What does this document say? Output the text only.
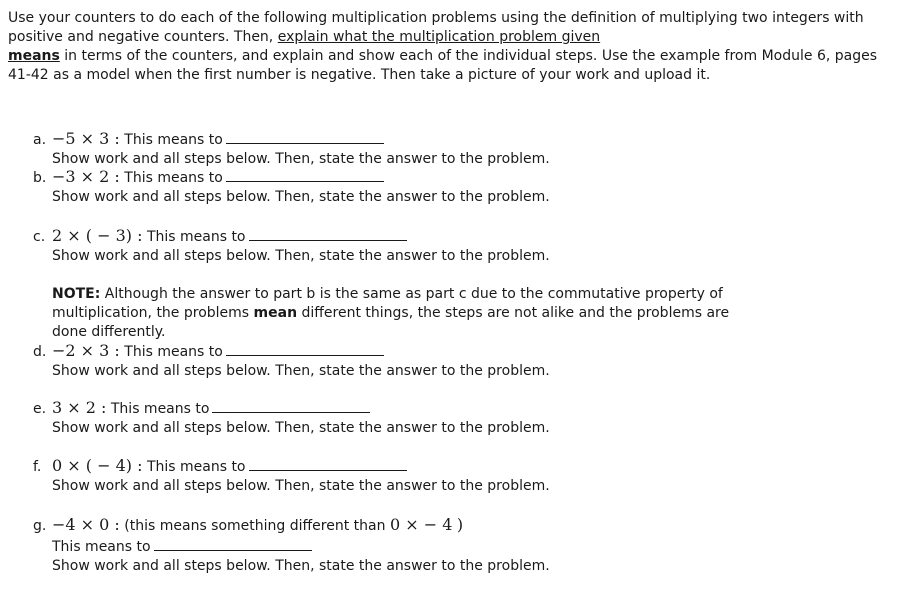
Use your counters to do each of the following multiplication problems using the definition of multiplying two integers with positive and negative counters. Then, explain what the multiplication problem given
means in terms of the counters, and explain and show each of the individual steps. Use the example from Module 6, pages 41-42 as a model when the first number is negative. Then take a picture of your work and upload it.

a. −5 × 3 : This means to
Show work and all steps below. Then, state the answer to the problem.
b. −3 × 2 : This means to
Show work and all steps below. Then, state the answer to the problem.
c. 2 × ( − 3) : This means to
Show work and all steps below. Then, state the answer to the problem.

NOTE: Although the answer to part b is the same as part c due to the commutative property of multiplication, the problems mean different things, the steps are not alike and the problems are done differently.

d. −2 × 3 : This means to
Show work and all steps below. Then, state the answer to the problem.
e. 3 × 2 : This means to
Show work and all steps below. Then, state the answer to the problem.
f. 0 × ( − 4) : This means to
Show work and all steps below. Then, state the answer to the problem.
g. −4 × 0 : (this means something different than 0 × − 4 )
This means to
Show work and all steps below. Then, state the answer to the problem.
